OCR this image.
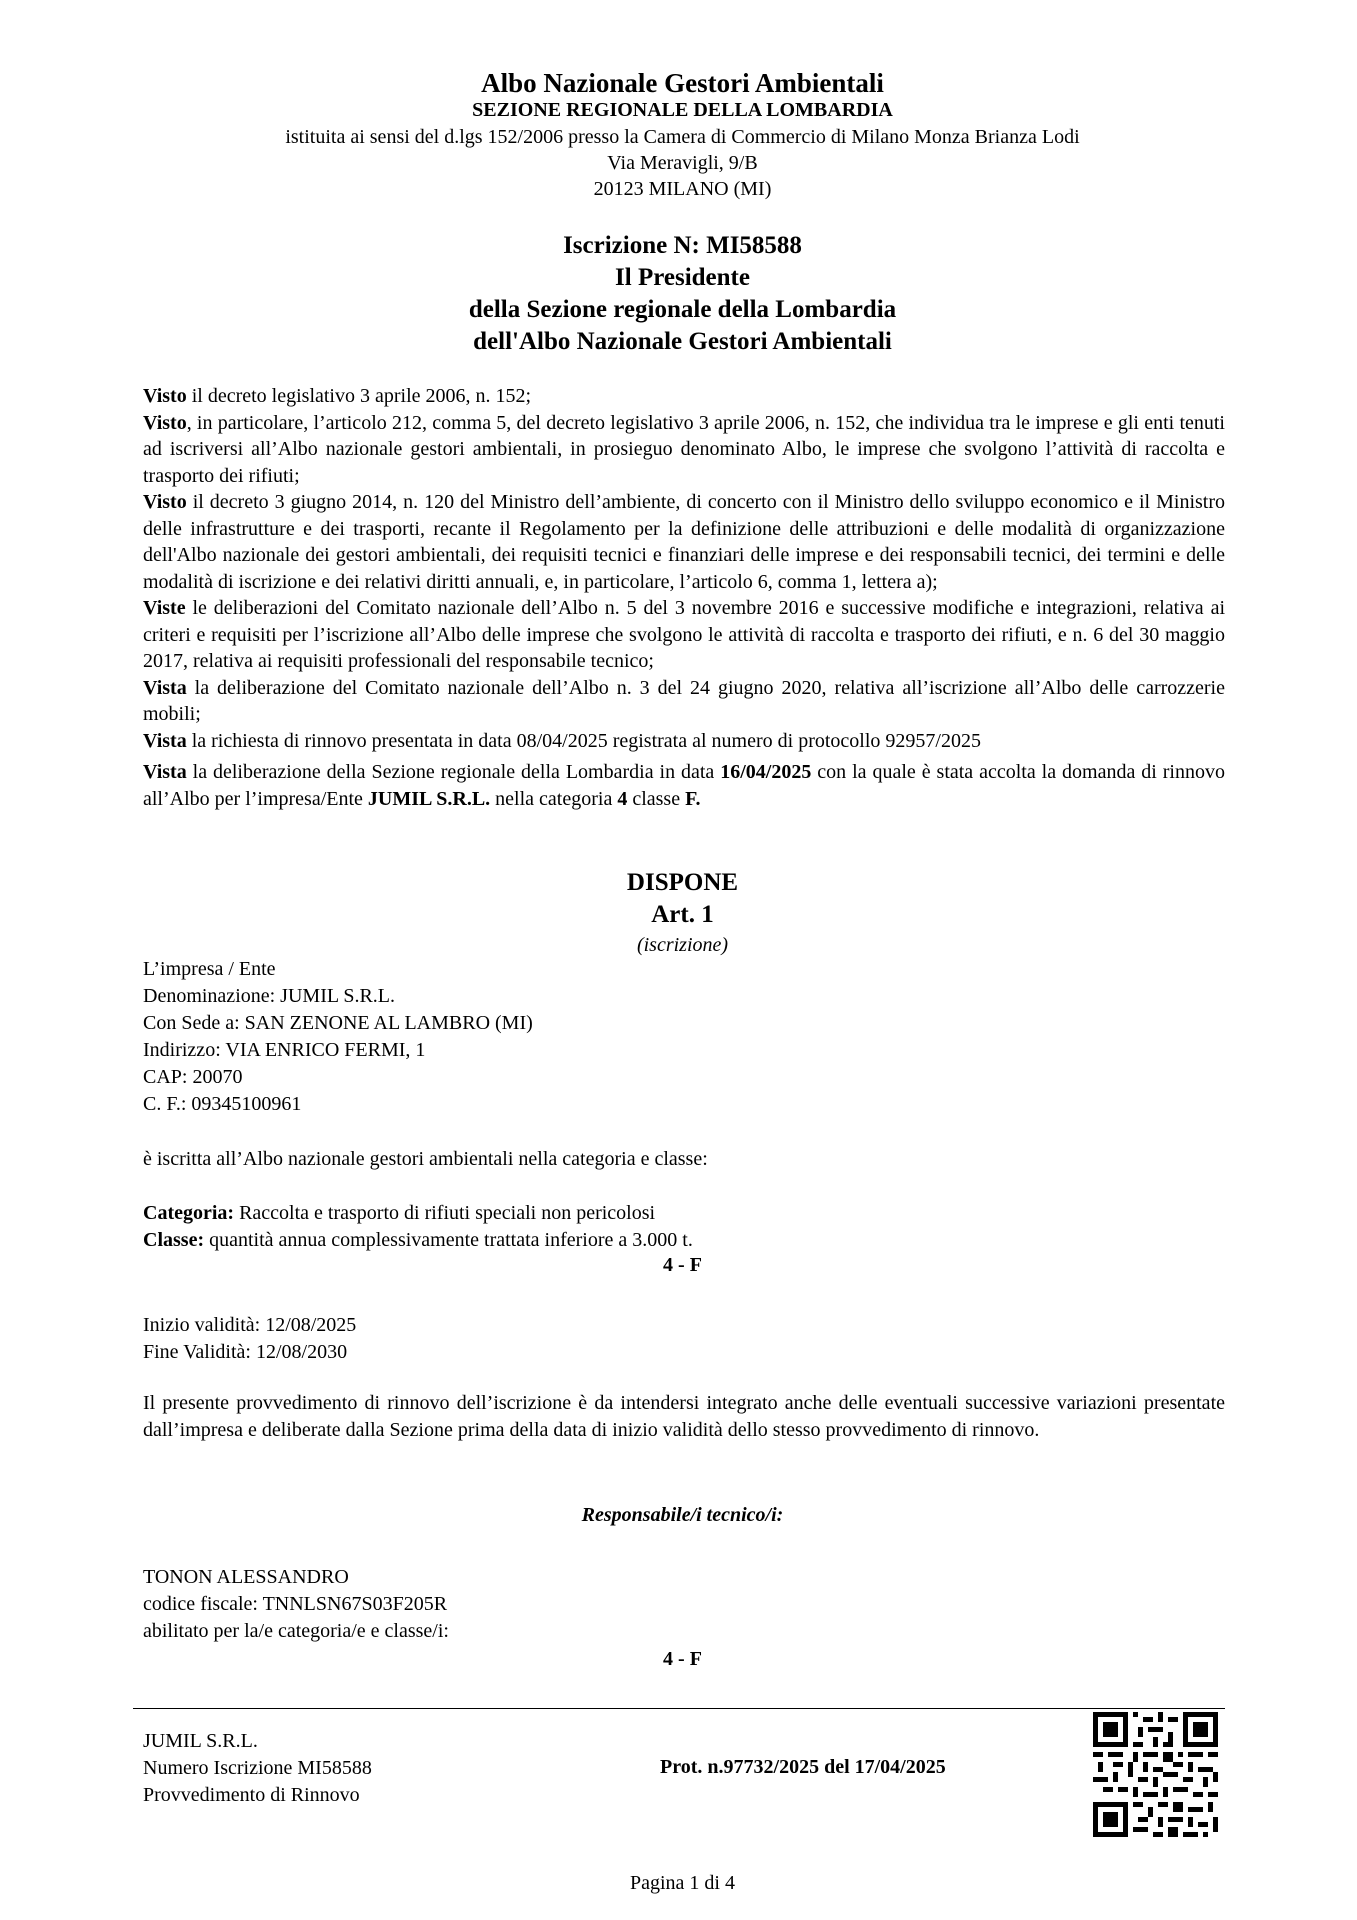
Albo Nazionale Gestori Ambientali
SEZIONE REGIONALE DELLA LOMBARDIA
istituita ai sensi del d.lgs 152/2006 presso la Camera di Commercio di Milano Monza Brianza Lodi
Via Meravigli, 9/B
20123 MILANO (MI)
Iscrizione N: MI58588
Il Presidente
della Sezione regionale della Lombardia
dell'Albo Nazionale Gestori Ambientali

Visto il decreto legislativo 3 aprile 2006, n. 152;

Visto, in particolare, l’articolo 212, comma 5, del decreto legislativo 3 aprile 2006, n. 152, che individua tra le imprese e gli enti tenuti ad iscriversi all’Albo nazionale gestori ambientali, in prosieguo denominato Albo, le imprese che svolgono l’attività di raccolta e trasporto dei rifiuti;

Visto il decreto 3 giugno 2014, n. 120 del Ministro dell’ambiente, di concerto con il Ministro dello sviluppo economico e il Ministro delle infrastrutture e dei trasporti, recante il Regolamento per la definizione delle attribuzioni e delle modalità di organizzazione dell'Albo nazionale dei gestori ambientali, dei requisiti tecnici e finanziari delle imprese e dei responsabili tecnici, dei termini e delle modalità di iscrizione e dei relativi diritti annuali, e, in particolare, l’articolo 6, comma 1, lettera a);

Viste le deliberazioni del Comitato nazionale dell’Albo n. 5 del 3 novembre 2016 e successive modifiche e integrazioni, relativa ai criteri e requisiti per l’iscrizione all’Albo delle imprese che svolgono le attività di raccolta e trasporto dei rifiuti, e n. 6 del 30 maggio 2017, relativa ai requisiti professionali del responsabile tecnico;

Vista la deliberazione del Comitato nazionale dell’Albo n. 3 del 24 giugno 2020, relativa all’iscrizione all’Albo delle carrozzerie mobili;

Vista la richiesta di rinnovo presentata in data 08/04/2025 registrata al numero di protocollo 92957/2025

Vista la deliberazione della Sezione regionale della Lombardia in data 16/04/2025 con la quale è stata accolta la domanda di rinnovo all’Albo per l’impresa/Ente JUMIL S.R.L. nella categoria 4 classe F.

DISPONE
Art. 1
(iscrizione)
L’impresa / Ente
Denominazione: JUMIL S.R.L.
Con Sede a: SAN ZENONE AL LAMBRO (MI)
Indirizzo: VIA ENRICO FERMI, 1
CAP: 20070
C. F.: 09345100961
è iscritta all’Albo nazionale gestori ambientali nella categoria e classe:
Categoria: Raccolta e trasporto di rifiuti speciali non pericolosi
Classe: quantità annua complessivamente trattata inferiore a 3.000 t.
4 - F
Inizio validità: 12/08/2025
Fine Validità: 12/08/2030
Il presente provvedimento di rinnovo dell’iscrizione è da intendersi integrato anche delle eventuali successive variazioni presentate dall’impresa e deliberate dalla Sezione prima della data di inizio validità dello stesso provvedimento di rinnovo.
Responsabile/i tecnico/i:
TONON ALESSANDRO
codice fiscale: TNNLSN67S03F205R
abilitato per la/e categoria/e e classe/i:
4 - F
JUMIL S.R.L.
Numero Iscrizione MI58588
Provvedimento di Rinnovo
Prot. n.97732/2025 del 17/04/2025
Pagina 1 di 4
